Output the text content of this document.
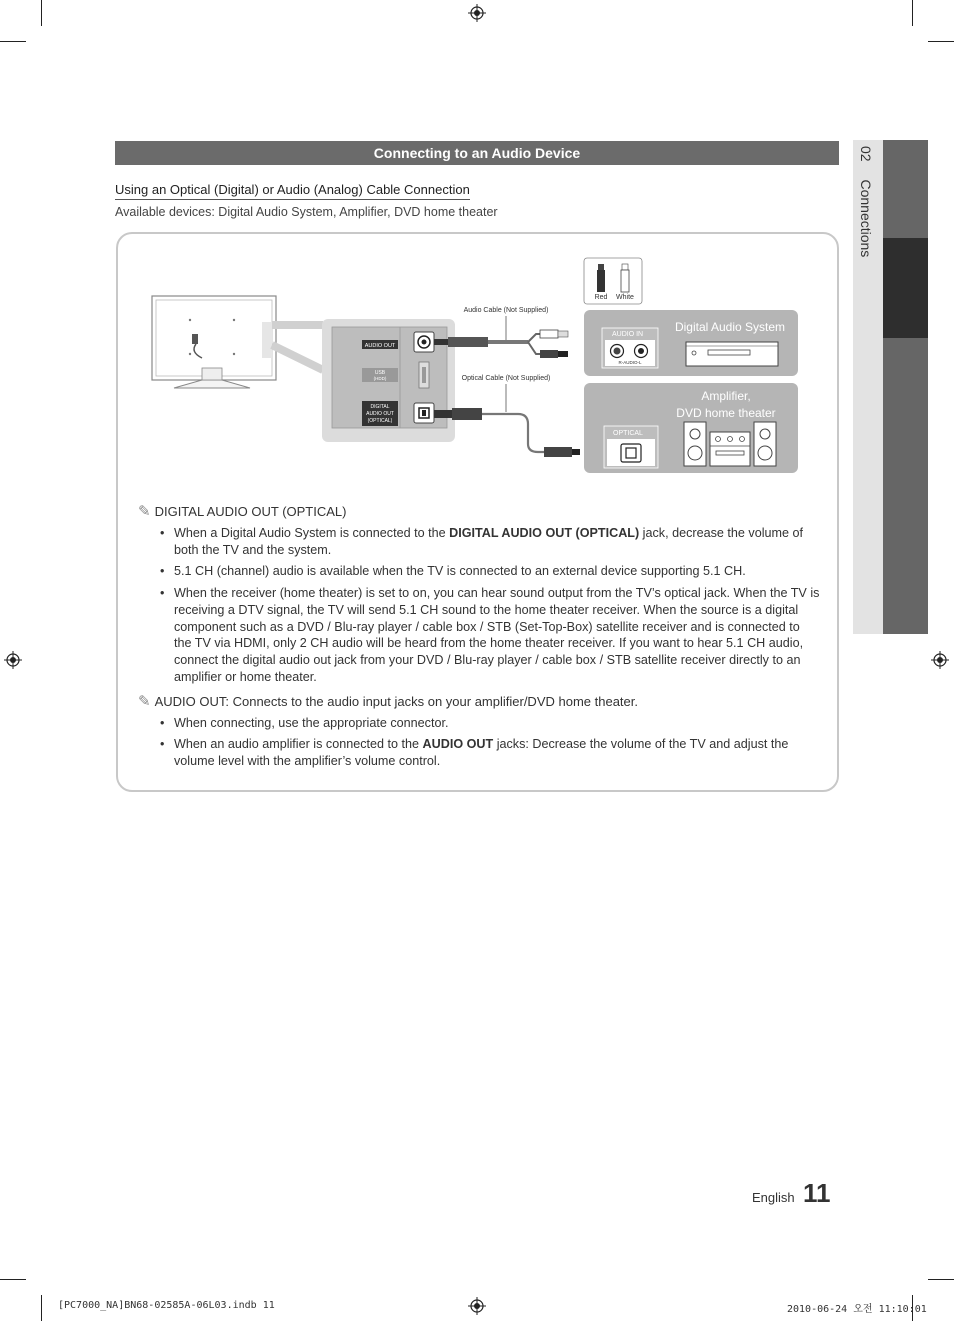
02 Connections
Connecting to an Audio Device
Using an Optical (Digital) or Audio (Analog) Cable Connection
Available devices: Digital Audio System, Amplifier, DVD home theater
AUDIO OUT
USB
(HDD)
DIGITAL
AUDIO OUT
(OPTICAL)
Audio Cable (Not Supplied)
Optical Cable (Not Supplied)
Red White
Digital Audio System
AUDIO IN
R-AUDIO-L
Amplifier,
DVD home theater
OPTICAL
✎ DIGITAL AUDIO OUT (OPTICAL)
• When a Digital Audio System is connected to the DIGITAL AUDIO OUT (OPTICAL) jack, decrease the volume of both the TV and the system.
• 5.1 CH (channel) audio is available when the TV is connected to an external device supporting 5.1 CH.
• When the receiver (home theater) is set to on, you can hear sound output from the TV’s optical jack. When the TV is receiving a DTV signal, the TV will send 5.1 CH sound to the home theater receiver. When the source is a digital component such as a DVD / Blu-ray player / cable box / STB (Set-Top-Box) satellite receiver and is connected to the TV via HDMI, only 2 CH audio will be heard from the home theater receiver. If you want to hear 5.1 CH audio, connect the digital audio out jack from your DVD / Blu-ray player / cable box / STB satellite receiver directly to an amplifier or home theater.
✎ AUDIO OUT: Connects to the audio input jacks on your amplifier/DVD home theater.
• When connecting, use the appropriate connector.
• When an audio amplifier is connected to the AUDIO OUT jacks: Decrease the volume of the TV and adjust the volume level with the amplifier’s volume control.
English 11
[PC7000_NA]BN68-02585A-06L03.indb 11	2010-06-24 오전 11:10:01
